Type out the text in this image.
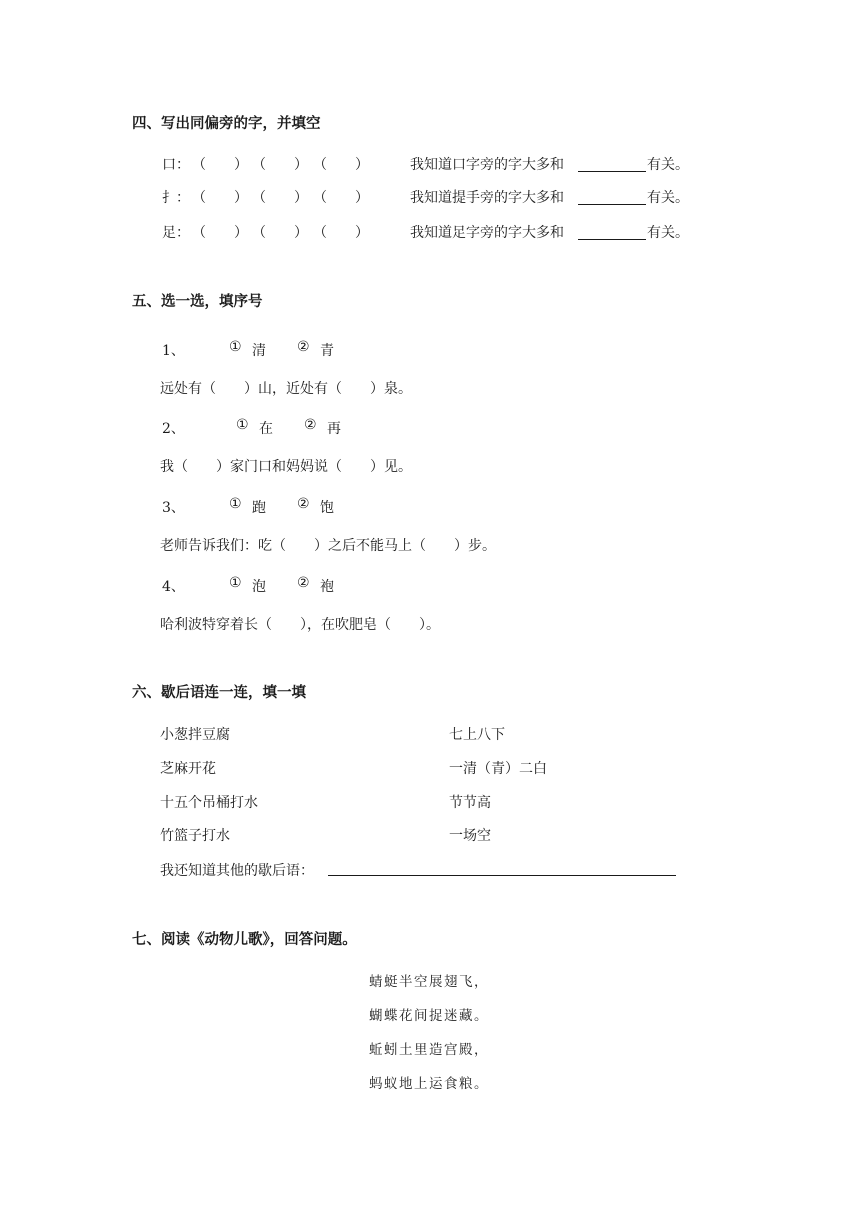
四、写出同偏旁的字，并填空
口： （　　） （　　） （　　）	我知道口字旁的字大多和	有关。
扌： （　　） （　　） （　　）	我知道提手旁的字大多和	有关。
足： （　　） （　　） （　　）	我知道足字旁的字大多和	有关。
五、选一选，填序号
1、	① 清 ② 青
远处有（　　）山，近处有（　　）泉。
2、	① 在 ② 再
我（　　）家门口和妈妈说（　　）见。
3、	① 跑 ② 饱
老师告诉我们：吃（　　）之后不能马上（　　）步。
4、	① 泡 ② 袍
哈利波特穿着长（　　），在吹肥皂（　　）。
六、歇后语连一连，填一填
小葱拌豆腐
芝麻开花
十五个吊桶打水
竹篮子打水
七上八下
一清（青）二白
节节高
一场空
我还知道其他的歇后语：
七、阅读《动物儿歌》，回答问题。
蜻蜓半空展翅飞，
蝴蝶花间捉迷藏。
蚯蚓土里造宫殿，
蚂蚁地上运食粮。
